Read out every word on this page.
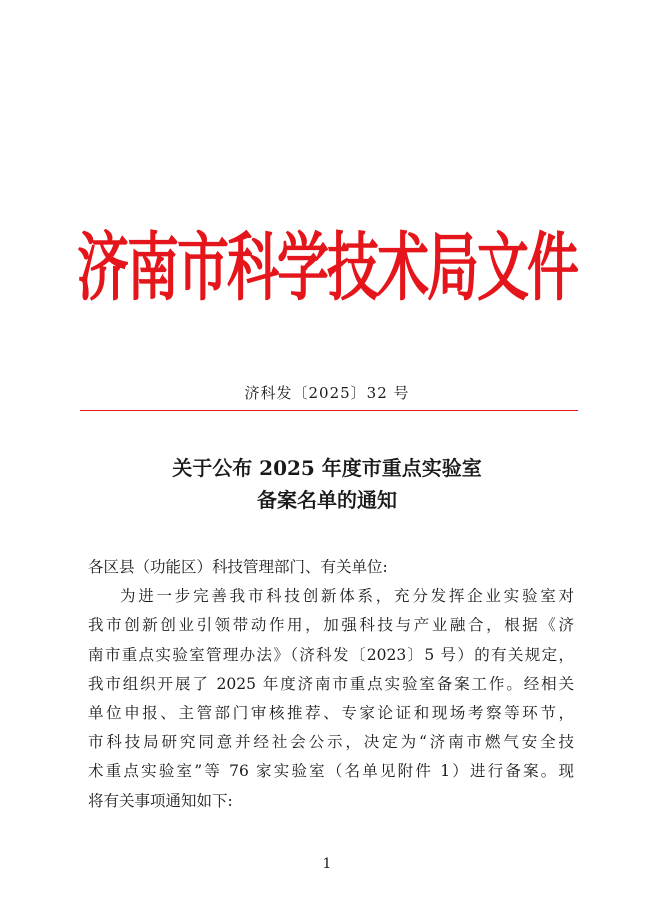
济南市科学技术局文件
济科发〔2025〕32 号
关于公布 2025 年度市重点实验室
备案名单的通知
各区县（功能区）科技管理部门、有关单位:
为进一步完善我市科技创新体系，充分发挥企业实验室对
我市创新创业引领带动作用，加强科技与产业融合，根据《济
南市重点实验室管理办法》（济科发〔2023〕5 号）的有关规定，
我市组织开展了 2025 年度济南市重点实验室备案工作。经相关
单位申报、主管部门审核推荐、专家论证和现场考察等环节，
市科技局研究同意并经社会公示，决定为“济南市燃气安全技
术重点实验室”等 76 家实验室（名单见附件 1）进行备案。现
将有关事项通知如下:
1
